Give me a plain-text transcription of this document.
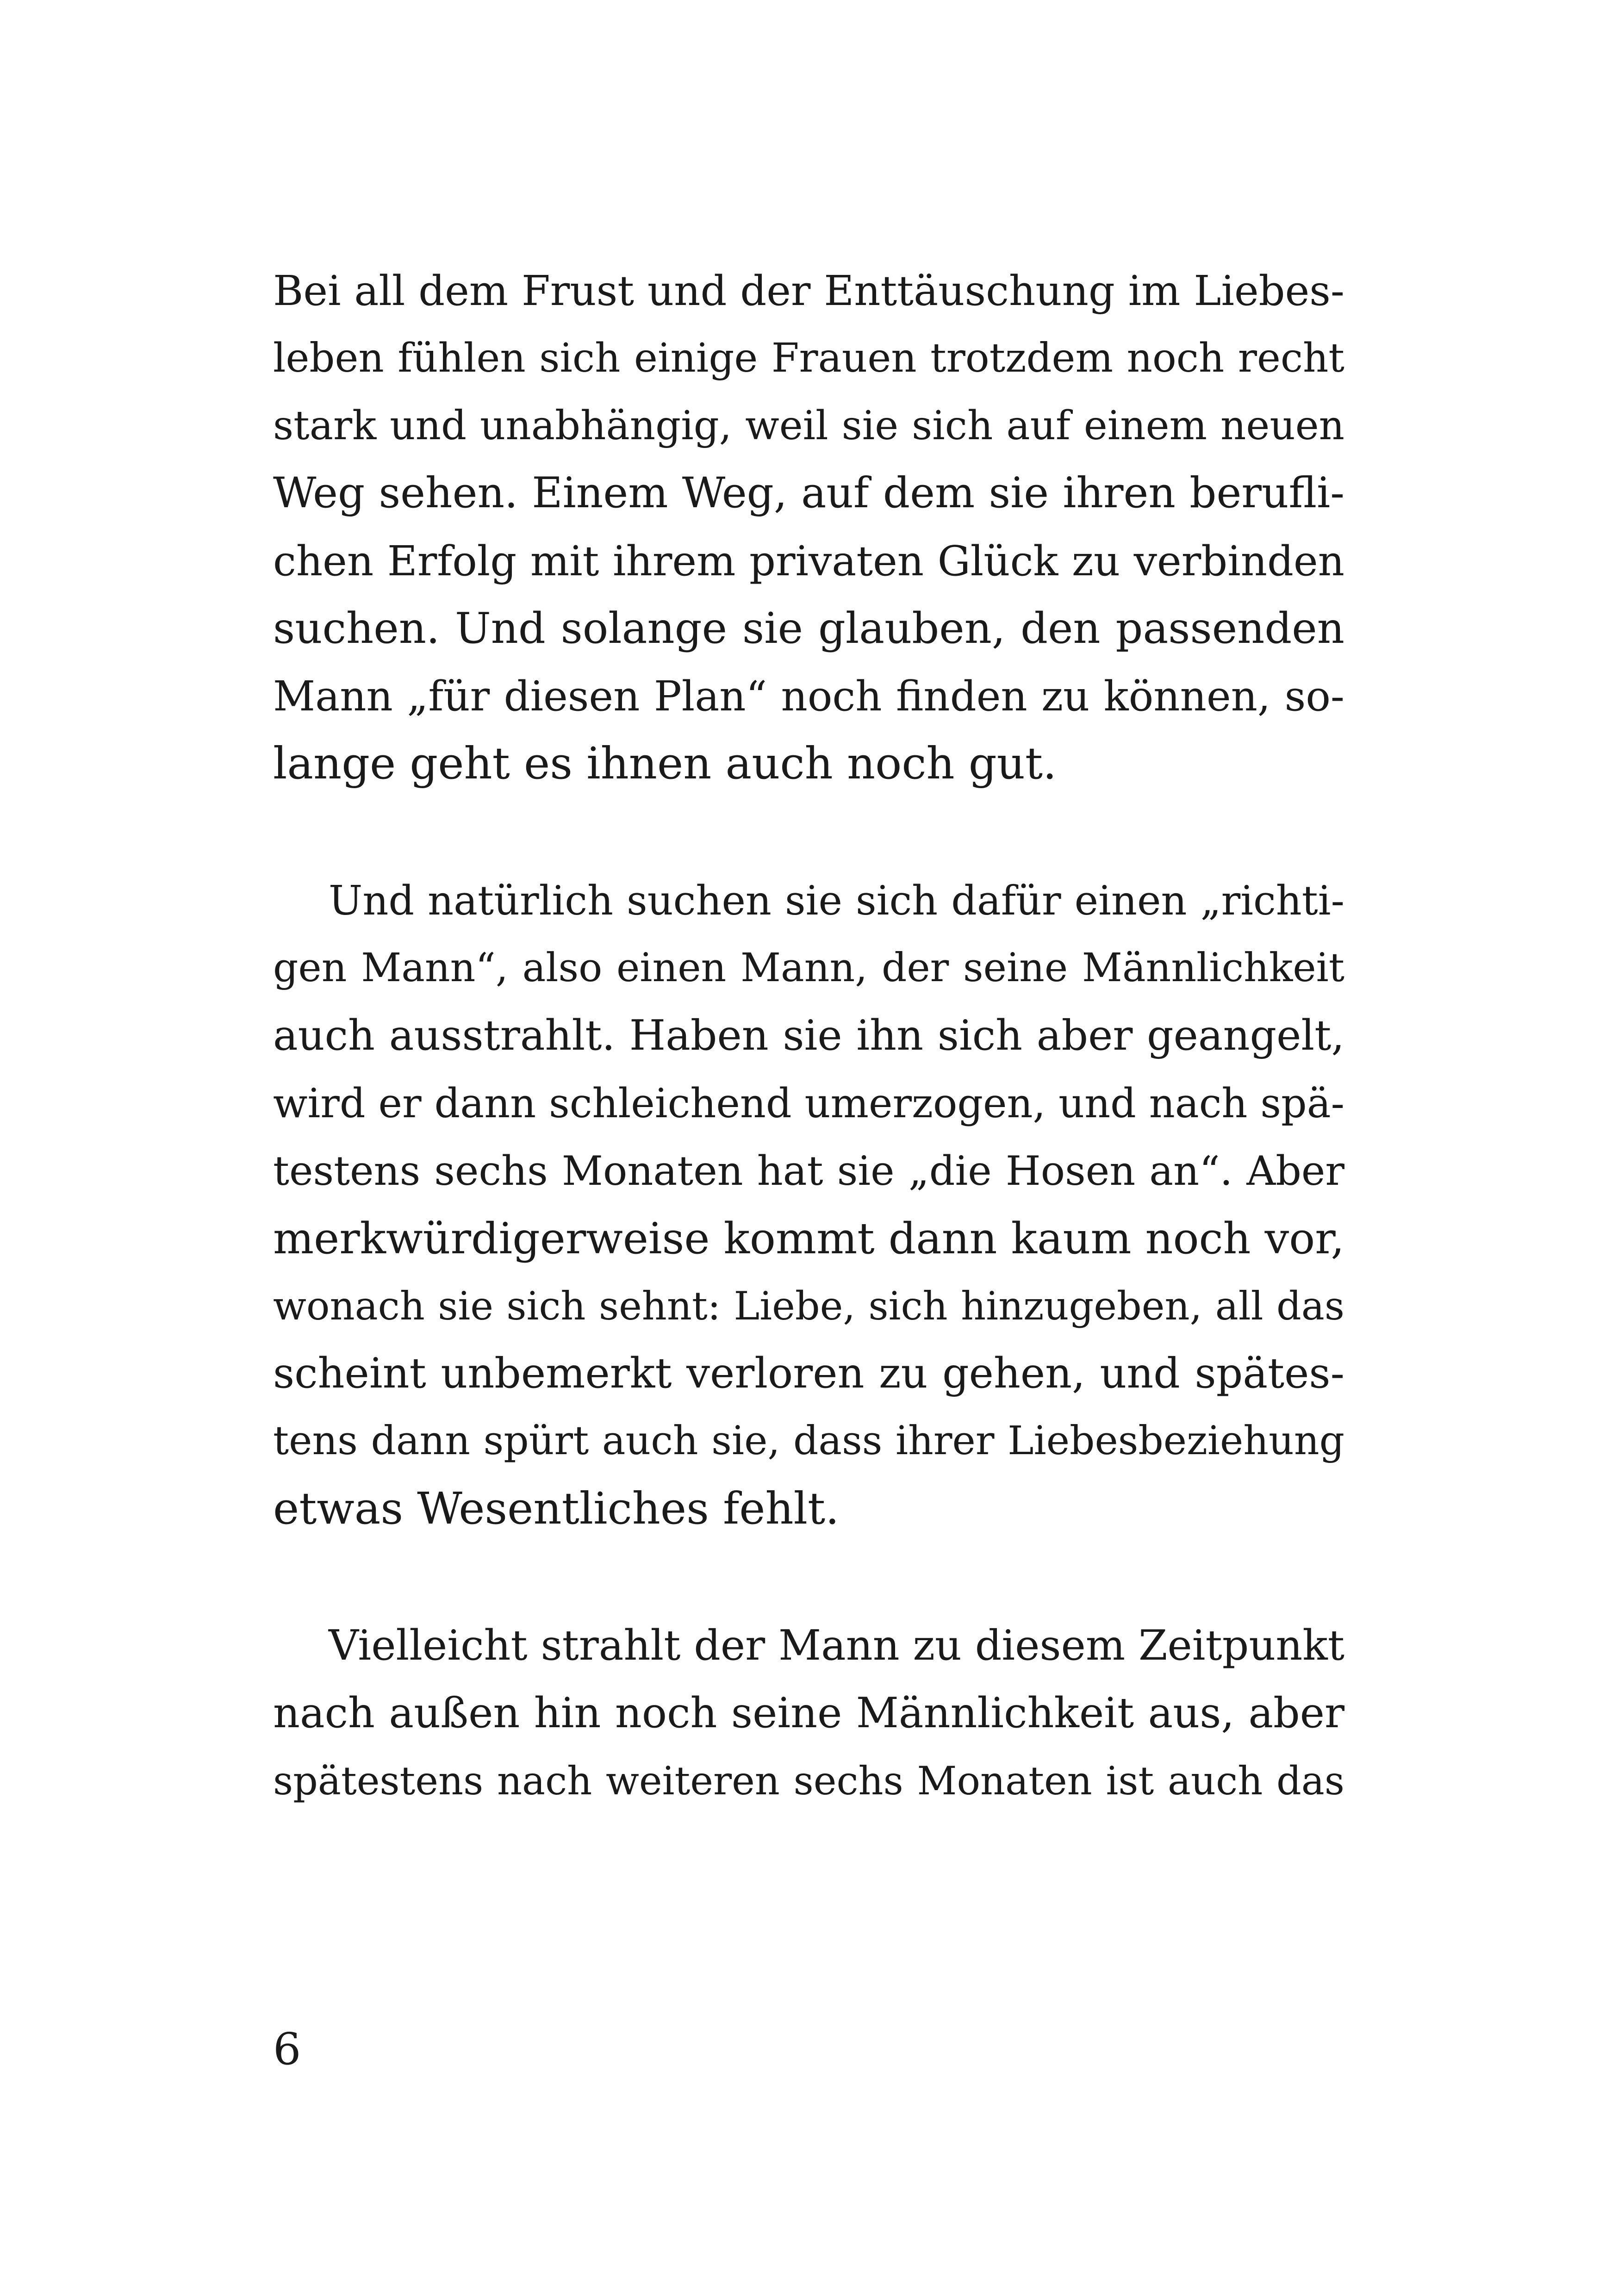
Bei all dem Frust und der Enttäuschung im Liebes-
leben fühlen sich einige Frauen trotzdem noch recht
stark und unabhängig, weil sie sich auf einem neuen
Weg sehen. Einem Weg, auf dem sie ihren berufli-
chen Erfolg mit ihrem privaten Glück zu verbinden
suchen. Und solange sie glauben, den passenden
Mann „für diesen Plan“ noch finden zu können, so-
lange geht es ihnen auch noch gut.
Und natürlich suchen sie sich dafür einen „richti-
gen Mann“, also einen Mann, der seine Männlichkeit
auch ausstrahlt. Haben sie ihn sich aber geangelt,
wird er dann schleichend umerzogen, und nach spä-
testens sechs Monaten hat sie „die Hosen an“. Aber
merkwürdigerweise kommt dann kaum noch vor,
wonach sie sich sehnt: Liebe, sich hinzugeben, all das
scheint unbemerkt verloren zu gehen, und spätes-
tens dann spürt auch sie, dass ihrer Liebesbeziehung
etwas Wesentliches fehlt.
Vielleicht strahlt der Mann zu diesem Zeitpunkt
nach außen hin noch seine Männlichkeit aus, aber
spätestens nach weiteren sechs Monaten ist auch das
6
